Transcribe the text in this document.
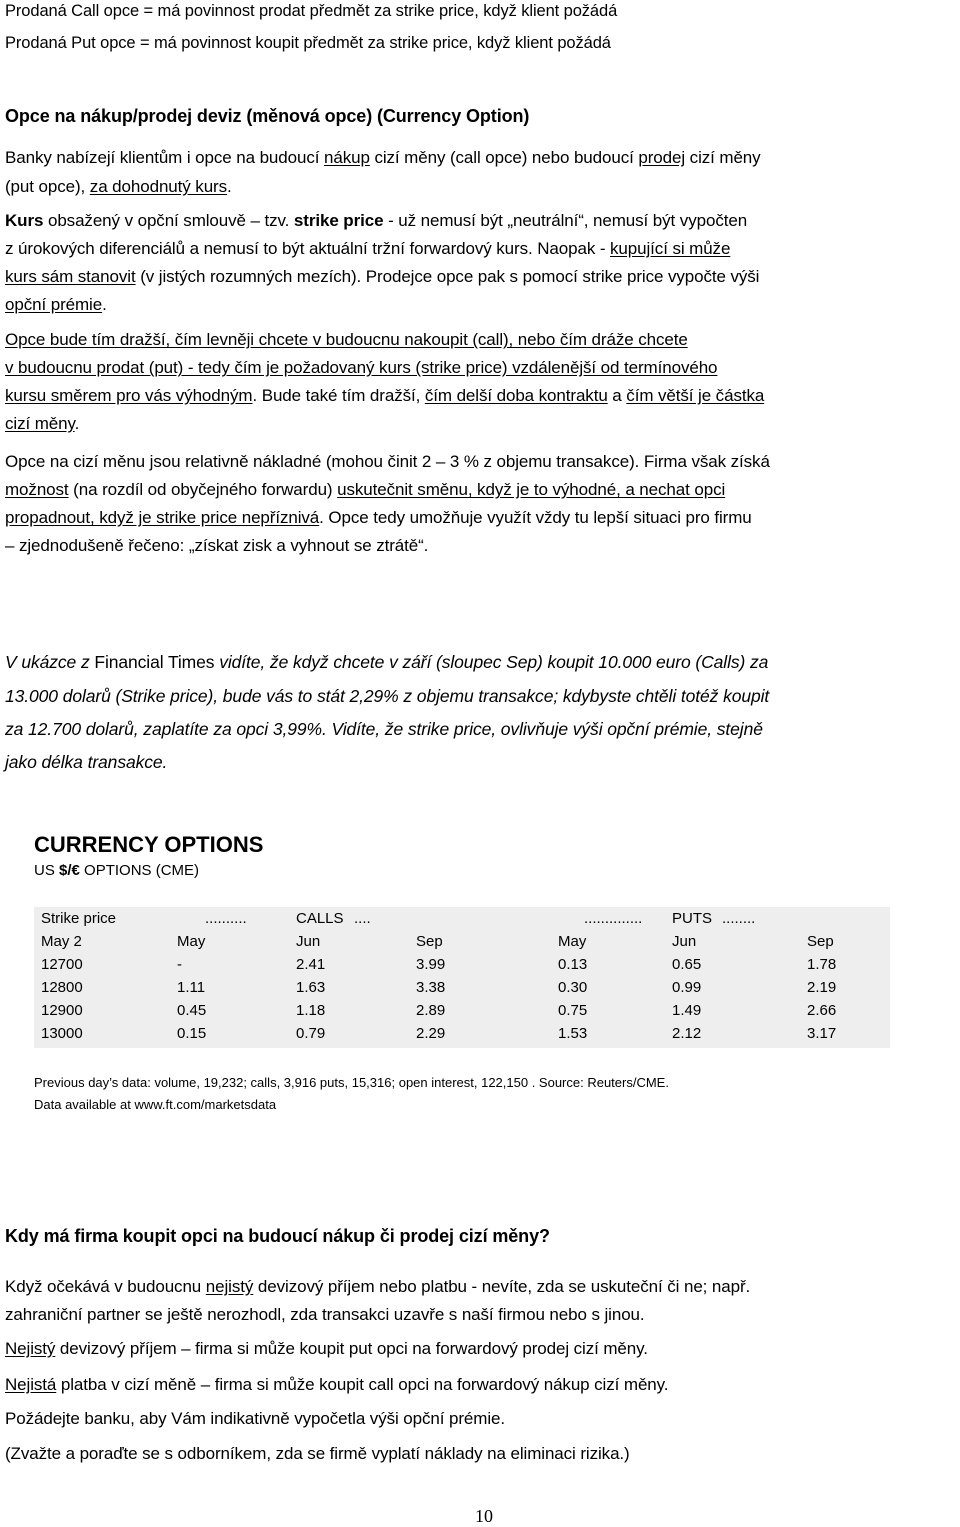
Prodaná Call opce = má povinnost prodat předmět za strike price, když klient požádá
Prodaná Put opce = má povinnost koupit předmět za strike price, když klient požádá
Opce na nákup/prodej deviz (měnová opce) (Currency Option)
Banky nabízejí klientům i opce na budoucí nákup cizí měny (call opce) nebo budoucí prodej cizí měny
(put opce), za dohodnutý kurs.
Kurs obsažený v opční smlouvě – tzv. strike price - už nemusí být „neutrální“, nemusí být vypočten
z úrokových diferenciálů a nemusí to být aktuální tržní forwardový kurs. Naopak - kupující si může
kurs sám stanovit (v jistých rozumných mezích). Prodejce opce pak s pomocí strike price vypočte výši
opční prémie.
Opce bude tím dražší, čím levněji chcete v budoucnu nakoupit (call), nebo čím dráže chcete
v budoucnu prodat (put) - tedy čím je požadovaný kurs (strike price) vzdálenější od termínového
kursu směrem pro vás výhodným. Bude také tím dražší, čím delší doba kontraktu a čím větší je částka
cizí měny.
Opce na cizí měnu jsou relativně nákladné (mohou činit 2 – 3 % z objemu transakce). Firma však získá
možnost (na rozdíl od obyčejného forwardu) uskutečnit směnu, když je to výhodné, a nechat opci
propadnout, když je strike price nepříznivá. Opce tedy umožňuje využít vždy tu lepší situaci pro firmu
– zjednodušeně řečeno: „získat zisk a vyhnout se ztrátě“.
V ukázce z Financial Times vidíte, že když chcete v září (sloupec Sep) koupit 10.000 euro (Calls) za
13.000 dolarů (Strike price), bude vás to stát 2,29% z objemu transakce; kdybyste chtěli totéž koupit
za 12.700 dolarů, zaplatíte za opci 3,99%. Vidíte, že strike price, ovlivňuje výši opční prémie, stejně
jako délka transakce.
CURRENCY OPTIONS
US $/€ OPTIONS (CME)
Strike price	..........	CALLS ....	.............. PUTS ........
May 2	May	Jun	Sep	May	Jun	Sep
12700	-	2.41	3.99	0.13	0.65	1.78
12800	1.11	1.63	3.38	0.30	0.99	2.19
12900	0.45	1.18	2.89	0.75	1.49	2.66
13000	0.15	0.79	2.29	1.53	2.12	3.17
Previous day’s data: volume, 19,232; calls, 3,916 puts, 15,316; open interest, 122,150 . Source: Reuters/CME.
Data available at www.ft.com/marketsdata
Kdy má firma koupit opci na budoucí nákup či prodej cizí měny?
Když očekává v budoucnu nejistý devizový příjem nebo platbu - nevíte, zda se uskuteční či ne; např.
zahraniční partner se ještě nerozhodl, zda transakci uzavře s naší firmou nebo s jinou.
Nejistý devizový příjem – firma si může koupit put opci na forwardový prodej cizí měny.
Nejistá platba v cizí měně – firma si může koupit call opci na forwardový nákup cizí měny.
Požádejte banku, aby Vám indikativně vypočetla výši opční prémie.
(Zvažte a poraďte se s odborníkem, zda se firmě vyplatí náklady na eliminaci rizika.)
10
